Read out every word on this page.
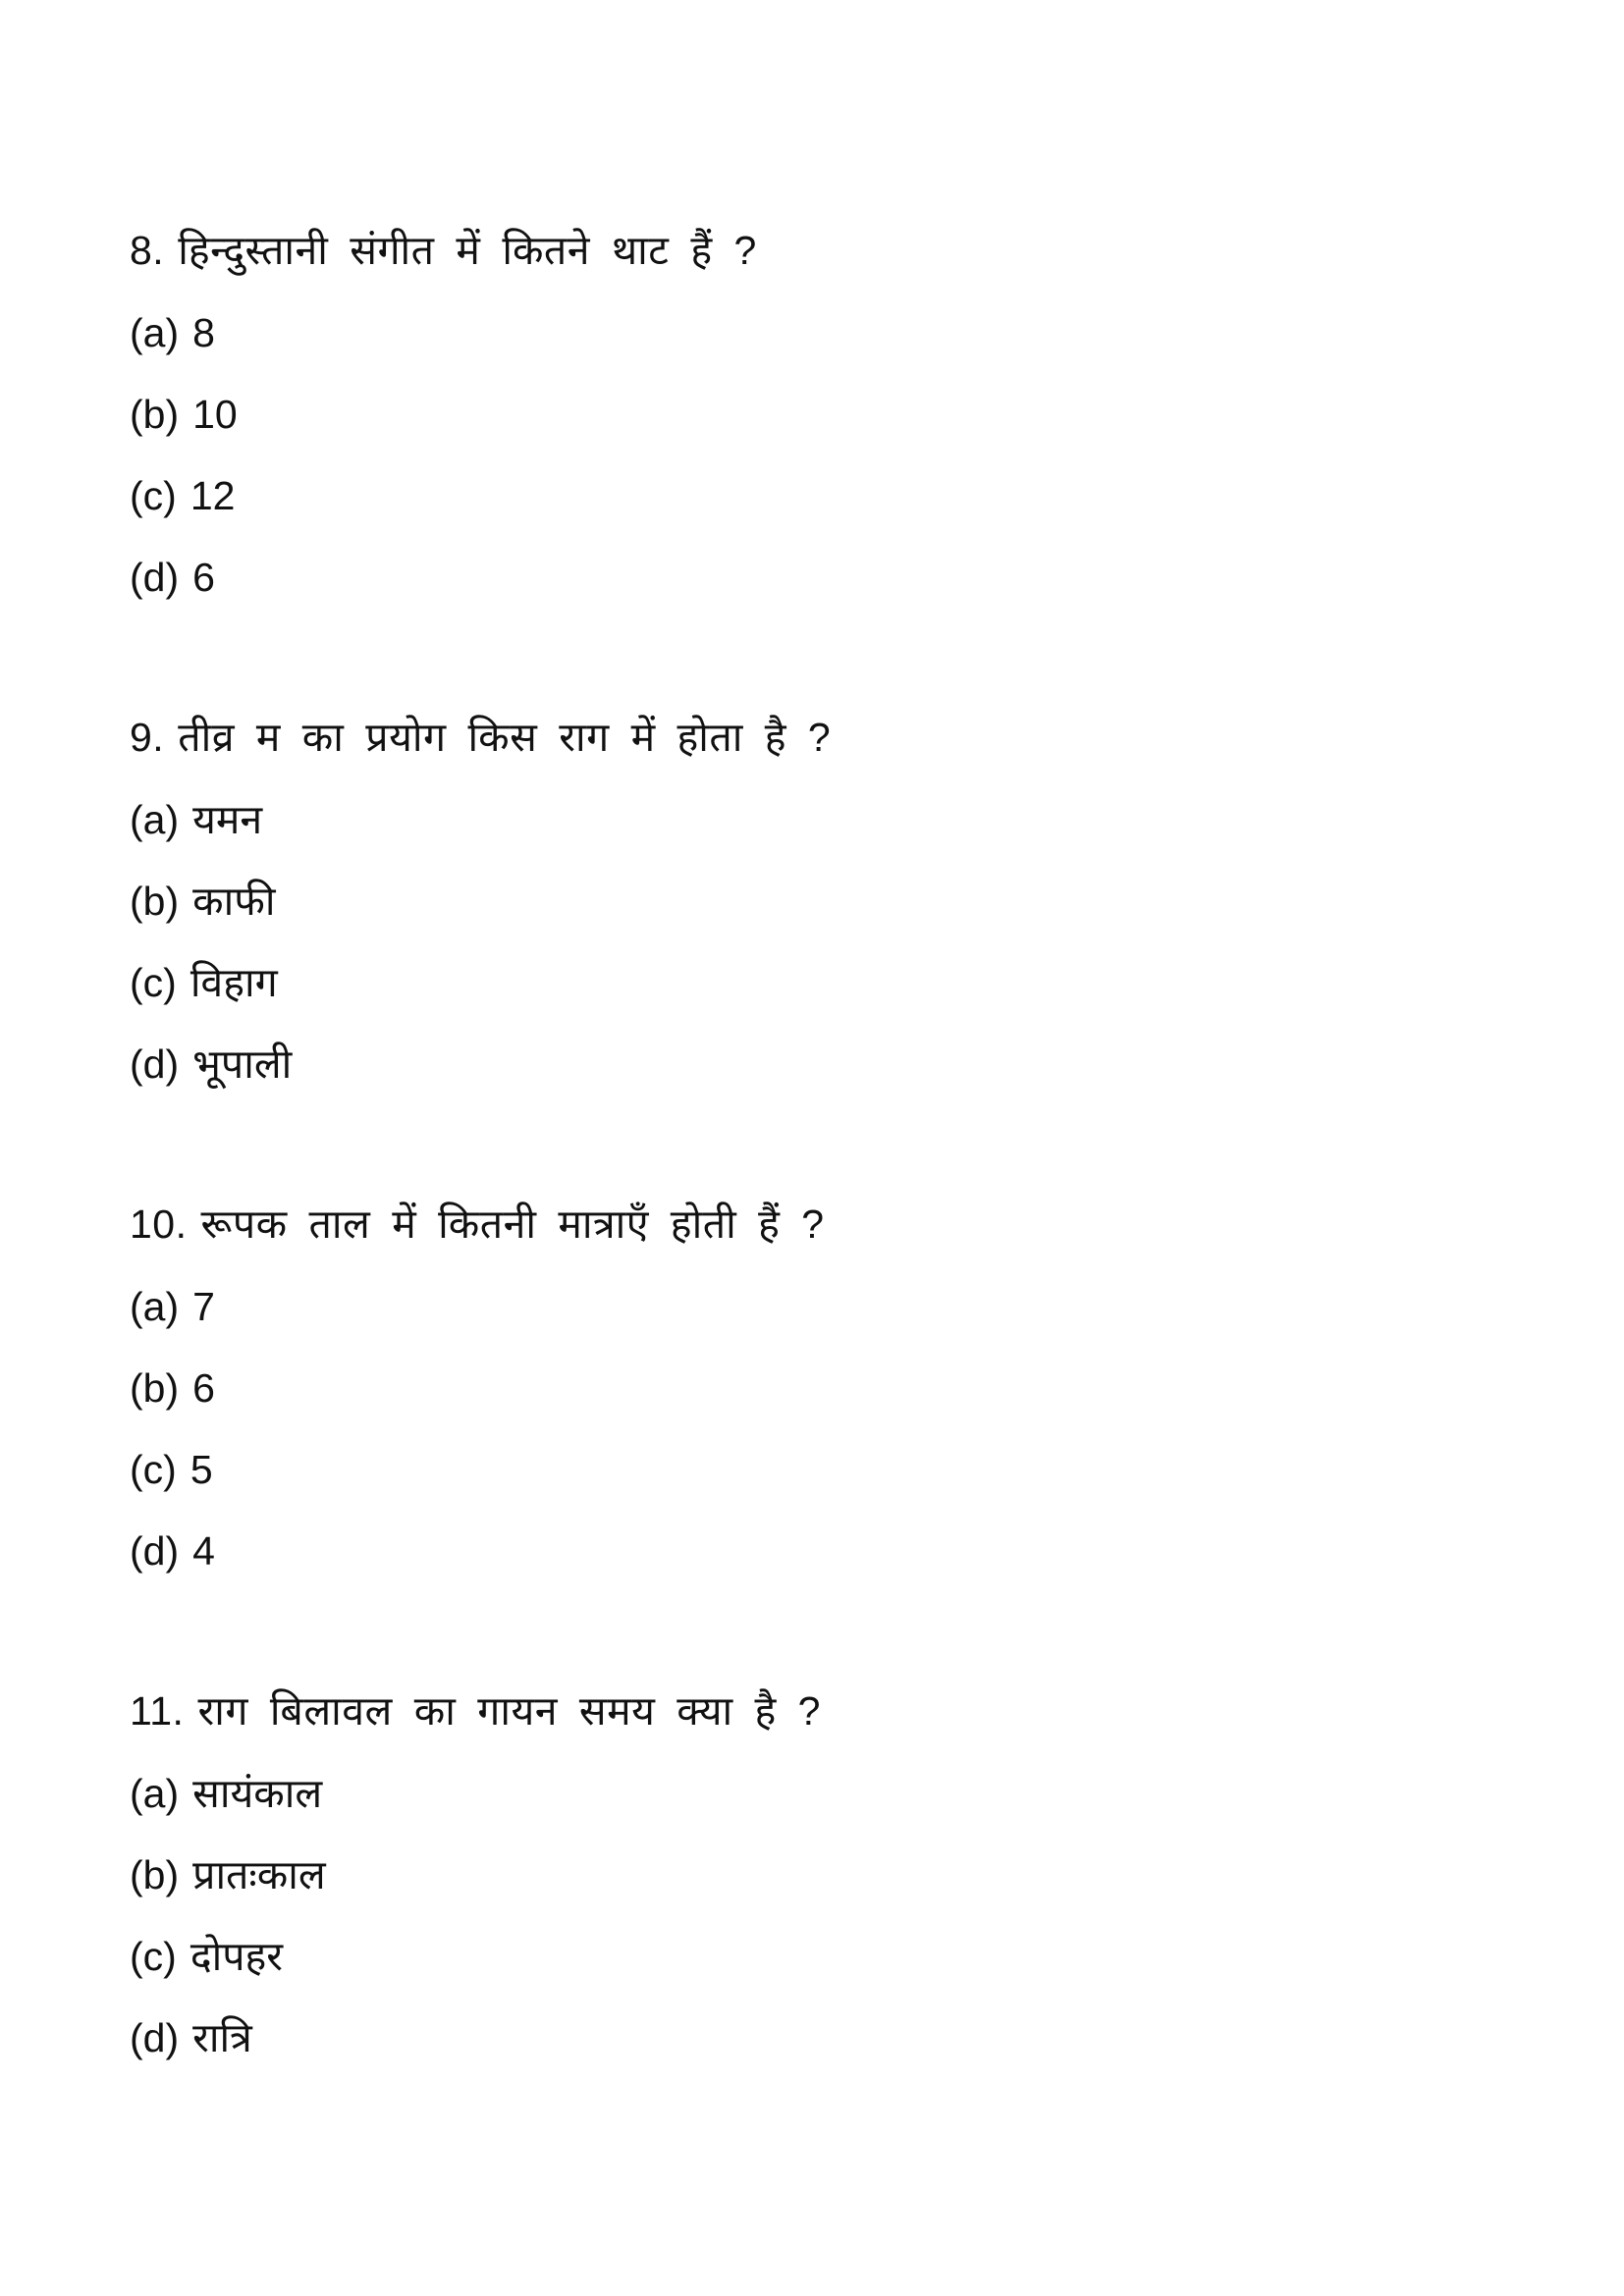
8. हिन्दुस्तानी संगीत में कितने थाट हैं ?
(a) 8
(b) 10
(c) 12
(d) 6
9. तीव्र म का प्रयोग किस राग में होता है ?
(a) यमन
(b) काफी
(c) विहाग
(d) भूपाली
10. रूपक ताल में कितनी मात्राएँ होती हैं ?
(a) 7
(b) 6
(c) 5
(d) 4
11. राग बिलावल का गायन समय क्या है ?
(a) सायंकाल
(b) प्रातःकाल
(c) दोपहर
(d) रात्रि
